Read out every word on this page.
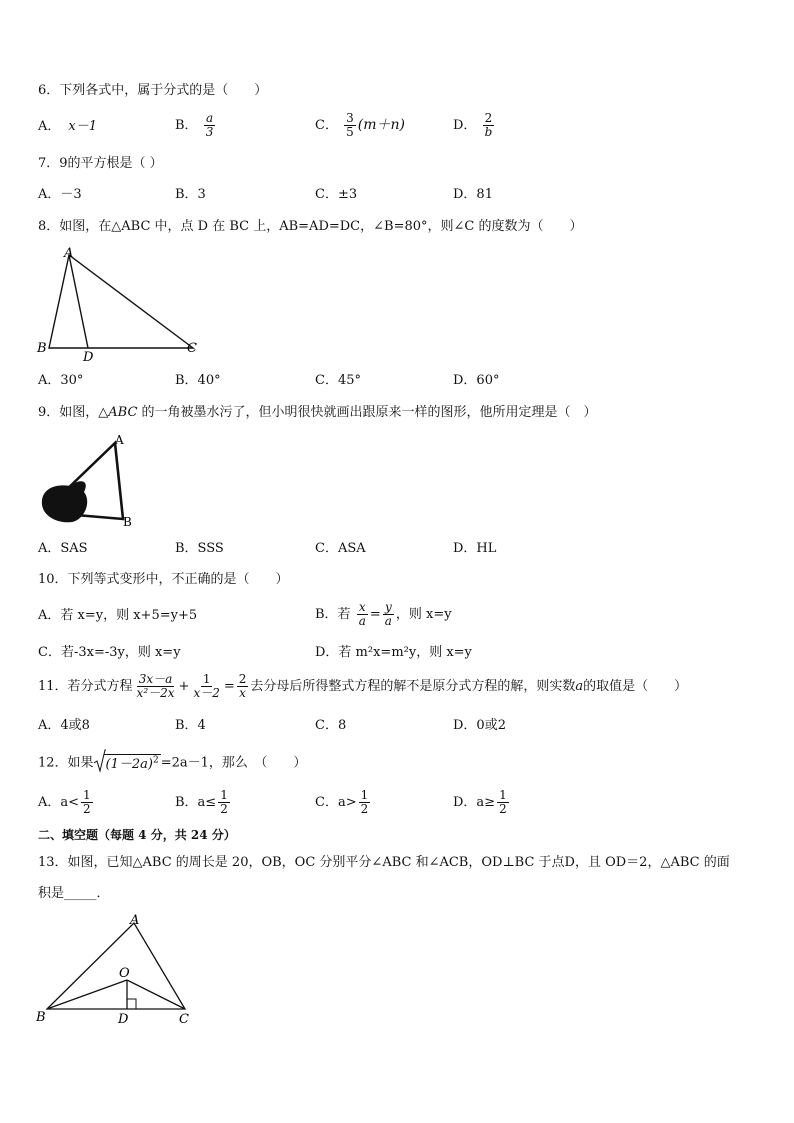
6．下列各式中，属于分式的是（　　）
A． x－1	B． $\frac{a}{3}$	C． $\frac{3}{5} (m+n)$	D． $\frac{2}{b}$
7．9的平方根是（ ）
A．－3	B．3	C．±3	D．81
8．如图，在△ABC 中，点 D 在 BC 上，AB=AD=DC，∠B=80°，则∠C 的度数为（　　）
A
B
D
C
A．30°	B．40°	C．45°	D．60°
9．如图，△ABC 的一角被墨水污了，但小明很快就画出跟原来一样的图形，他所用定理是（　）
A
B
A．SAS	B．SSS	C．ASA	D．HL
10．下列等式变形中，不正确的是（　　）
A．若 x=y，则 x+5=y+5	B．若 $\frac{x}{a} = \frac{y}{a}$ ，则 x=y
C．若-3x=-3y，则 x=y	D．若 m²x=m²y，则 x=y
11．若分式方程 $\frac{3x-a}{\text{x²－2x}} + \frac{1}{x-2} = \frac{2}{x}$ 去分母后所得整式方程的解不是原分式方程的解，则实数a的取值是（　　）
A．4或8	B．4	C．8	D．0或2
12．如果 $(1-2a)^2 =2a-1$，那么　（　　）
A．$a< \frac{1}{2}$	B．$a\le \frac{1}{2}$	C．$a> \frac{1}{2}$	D．$a\ge \frac{1}{2}$
二、填空题（每题 4 分，共 24 分）
13．如图，已知△ABC 的周长是 20，OB，OC 分别平分∠ABC 和∠ACB，OD⊥BC 于点D，且 OD＝2，△ABC 的面
积是_____．
A
O
B	D	C
